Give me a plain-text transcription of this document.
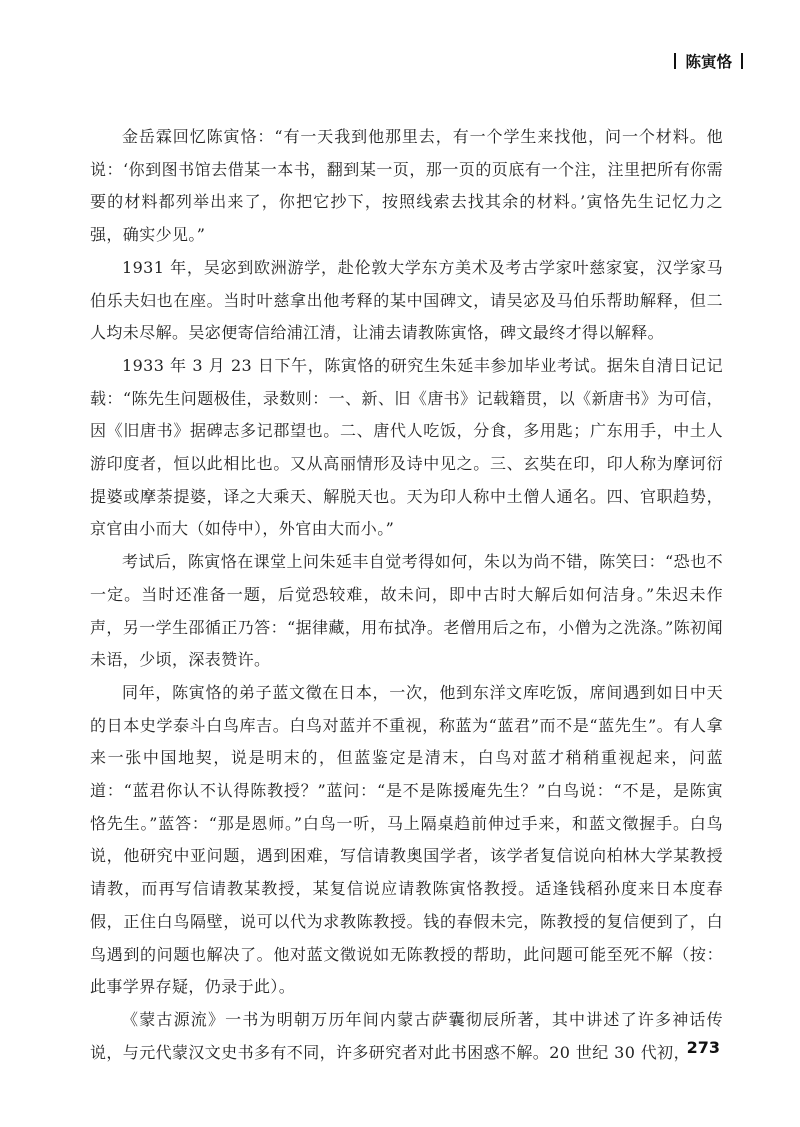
陈寅恪

金岳霖回忆陈寅恪：“有一天我到他那里去，有一个学生来找他，问一个材料。他说：‘你到图书馆去借某一本书，翻到某一页，那一页的页底有一个注，注里把所有你需要的材料都列举出来了，你把它抄下，按照线索去找其余的材料。’寅恪先生记忆力之强，确实少见。”

1931 年，吴宓到欧洲游学，赴伦敦大学东方美术及考古学家叶慈家宴，汉学家马伯乐夫妇也在座。当时叶慈拿出他考释的某中国碑文，请吴宓及马伯乐帮助解释，但二人均未尽解。吴宓便寄信给浦江清，让浦去请教陈寅恪，碑文最终才得以解释。

1933 年 3 月 23 日下午，陈寅恪的研究生朱延丰参加毕业考试。据朱自清日记记载：“陈先生问题极佳，录数则：一、新、旧《唐书》记载籍贯，以《新唐书》为可信，因《旧唐书》据碑志多记郡望也。二、唐代人吃饭，分食，多用匙；广东用手，中土人游印度者，恒以此相比也。又从高丽情形及诗中见之。三、玄奘在印，印人称为摩诃衍提婆或摩荼提婆，译之大乘天、解脱天也。天为印人称中土僧人通名。四、官职趋势，京官由小而大（如侍中），外官由大而小。”

考试后，陈寅恪在课堂上问朱延丰自觉考得如何，朱以为尚不错，陈笑曰：“恐也不一定。当时还准备一题，后觉恐较难，故未问，即中古时大解后如何洁身。”朱迟未作声，另一学生邵循正乃答：“据律藏，用布拭净。老僧用后之布，小僧为之洗涤。”陈初闻未语，少顷，深表赞许。

同年，陈寅恪的弟子蓝文徵在日本，一次，他到东洋文库吃饭，席间遇到如日中天的日本史学泰斗白鸟库吉。白鸟对蓝并不重视，称蓝为“蓝君”而不是“蓝先生”。有人拿来一张中国地契，说是明末的，但蓝鉴定是清末，白鸟对蓝才稍稍重视起来，问蓝道：“蓝君你认不认得陈教授？”蓝问：“是不是陈援庵先生？”白鸟说：“不是，是陈寅恪先生。”蓝答：“那是恩师。”白鸟一听，马上隔桌趋前伸过手来，和蓝文徵握手。白鸟说，他研究中亚问题，遇到困难，写信请教奥国学者，该学者复信说向柏林大学某教授请教，而再写信请教某教授，某复信说应请教陈寅恪教授。适逢钱稻孙度来日本度春假，正住白鸟隔壁，说可以代为求教陈教授。钱的春假未完，陈教授的复信便到了，白鸟遇到的问题也解决了。他对蓝文徵说如无陈教授的帮助，此问题可能至死不解（按：此事学界存疑，仍录于此）。

《蒙古源流》一书为明朝万历年间内蒙古萨囊彻辰所著，其中讲述了许多神话传说，与元代蒙汉文史书多有不同，许多研究者对此书困惑不解。20 世纪 30 代初，

273
